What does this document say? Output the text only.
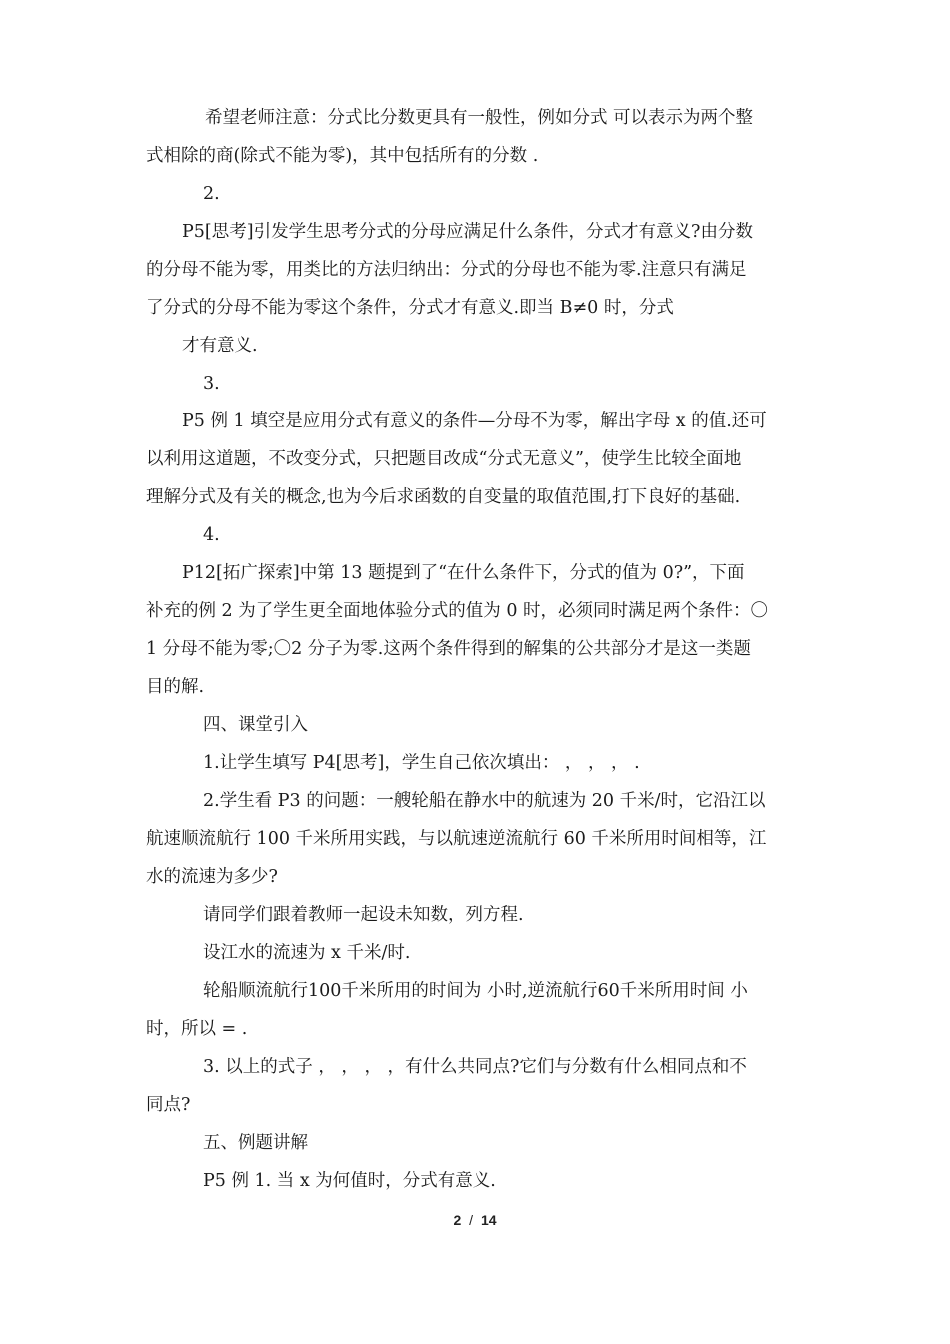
希望老师注意：分式比分数更具有一般性，例如分式 可以表示为两个整
式相除的商(除式不能为零)，其中包括所有的分数 .
2.
P5[思考]引发学生思考分式的分母应满足什么条件，分式才有意义?由分数
的分母不能为零，用类比的方法归纳出：分式的分母也不能为零.注意只有满足
了分式的分母不能为零这个条件，分式才有意义.即当 B≠0 时，分式
才有意义.
3.
P5 例 1 填空是应用分式有意义的条件—分母不为零，解出字母 x 的值.还可
以利用这道题，不改变分式，只把题目改成“分式无意义”，使学生比较全面地
理解分式及有关的概念,也为今后求函数的自变量的取值范围,打下良好的基础.
4.
P12[拓广探索]中第 13 题提到了“在什么条件下，分式的值为 0?”，下面
补充的例 2 为了学生更全面地体验分式的值为 0 时，必须同时满足两个条件：〇
1 分母不能为零;〇2 分子为零.这两个条件得到的解集的公共部分才是这一类题
目的解.
四、课堂引入
1.让学生填写 P4[思考]，学生自己依次填出： ， ， ， .
2.学生看 P3 的问题：一艘轮船在静水中的航速为 20 千米/时，它沿江以
航速顺流航行 100 千米所用实践，与以航速逆流航行 60 千米所用时间相等，江
水的流速为多少?
请同学们跟着教师一起设未知数，列方程.
设江水的流速为 x 千米/时.
轮船顺流航行100千米所用的时间为 小时,逆流航行60千米所用时间 小
时，所以 = .
3. 以上的式子 ， ， ， ，有什么共同点?它们与分数有什么相同点和不
同点?
五、例题讲解
P5 例 1. 当 x 为何值时，分式有意义.
2 / 14
